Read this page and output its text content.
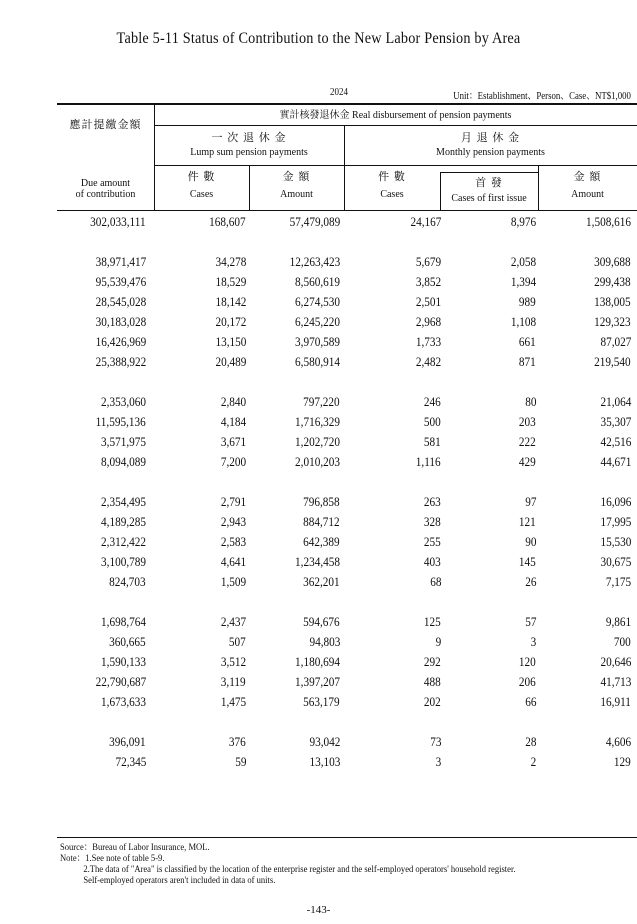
Table 5-11 Status of Contribution to the New Labor Pension by Area
2024	Unit：Establishment、Person、Case、NT$1,000
應計提繳金額
Due amount
of contribution
實計核發退休金 Real disbursement of pension payments
一 次 退 休 金
Lump sum pension payments
月 退 休 金
Monthly pension payments
件 數
Cases
金 額
Amount
件 數
Cases
首 發
Cases of first issue
金 額
Amount
302,033,111	168,607	57,479,089	24,167	8,976	1,508,616
38,971,417	34,278	12,263,423	5,679	2,058	309,688
95,539,476	18,529	8,560,619	3,852	1,394	299,438
28,545,028	18,142	6,274,530	2,501	989	138,005
30,183,028	20,172	6,245,220	2,968	1,108	129,323
16,426,969	13,150	3,970,589	1,733	661	87,027
25,388,922	20,489	6,580,914	2,482	871	219,540
2,353,060	2,840	797,220	246	80	21,064
11,595,136	4,184	1,716,329	500	203	35,307
3,571,975	3,671	1,202,720	581	222	42,516
8,094,089	7,200	2,010,203	1,116	429	44,671
2,354,495	2,791	796,858	263	97	16,096
4,189,285	2,943	884,712	328	121	17,995
2,312,422	2,583	642,389	255	90	15,530
3,100,789	4,641	1,234,458	403	145	30,675
824,703	1,509	362,201	68	26	7,175
1,698,764	2,437	594,676	125	57	9,861
360,665	507	94,803	9	3	700
1,590,133	3,512	1,180,694	292	120	20,646
22,790,687	3,119	1,397,207	488	206	41,713
1,673,633	1,475	563,179	202	66	16,911
396,091	376	93,042	73	28	4,606
72,345	59	13,103	3	2	129
Source：Bureau of Labor Insurance, MOL.
Note：1.See note of table 5-9.
2.The data of "Area" is classified by the location of the enterprise register and the self-employed operators' household register.
Self-employed operators aren't included in data of units.
-143-
